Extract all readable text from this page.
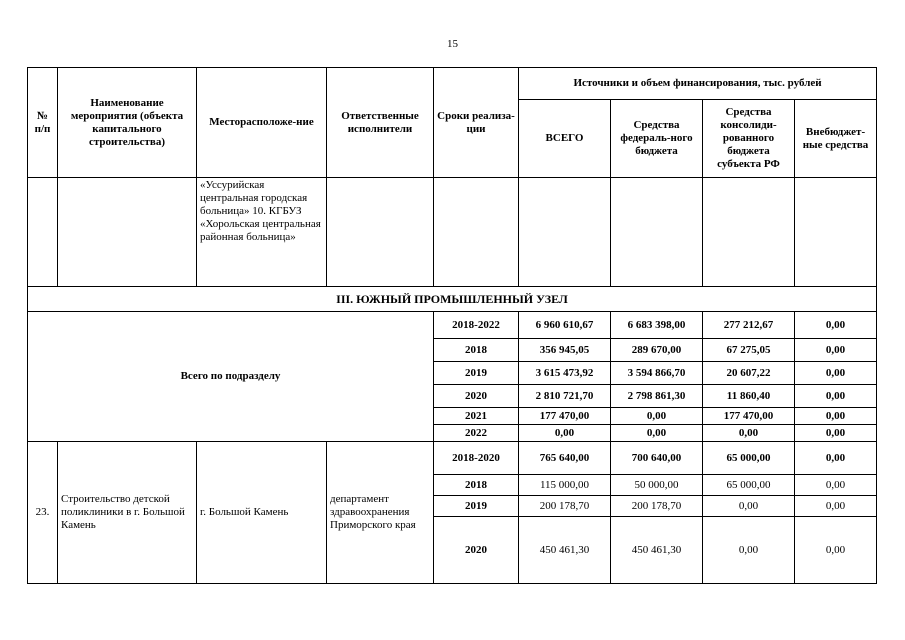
15
№ п/п	Наименование мероприятия (объекта капитального строительства)	Месторасположе-ние	Ответственные исполнители	Сроки реализа-ции	Источники и объем финансирования, тыс. рублей			
					ВСЕГО	Средства федераль-ного бюджета	Средства консолиди-рованного бюджета субъекта РФ	Внебюджет-ные средства
		«Уссурийская центральная городская больница» 10. КГБУЗ «Хорольская центральная районная больница»						
III. ЮЖНЫЙ ПРОМЫШЛЕННЫЙ УЗЕЛ								
Всего по подразделу				2018-2022	6 960 610,67	6 683 398,00	277 212,67	0,00
				2018	356 945,05	289 670,00	67 275,05	0,00
				2019	3 615 473,92	3 594 866,70	20 607,22	0,00
				2020	2 810 721,70	2 798 861,30	11 860,40	0,00
				2021	177 470,00	0,00	177 470,00	0,00
				2022	0,00	0,00	0,00	0,00
23.	Строительство детской поликлиники в г. Большой Камень	г. Большой Камень	департамент здравоохранения Приморского края	2018-2020	765 640,00	700 640,00	65 000,00	0,00
				2018	115 000,00	50 000,00	65 000,00	0,00
				2019	200 178,70	200 178,70	0,00	0,00
				2020	450 461,30	450 461,30	0,00	0,00
